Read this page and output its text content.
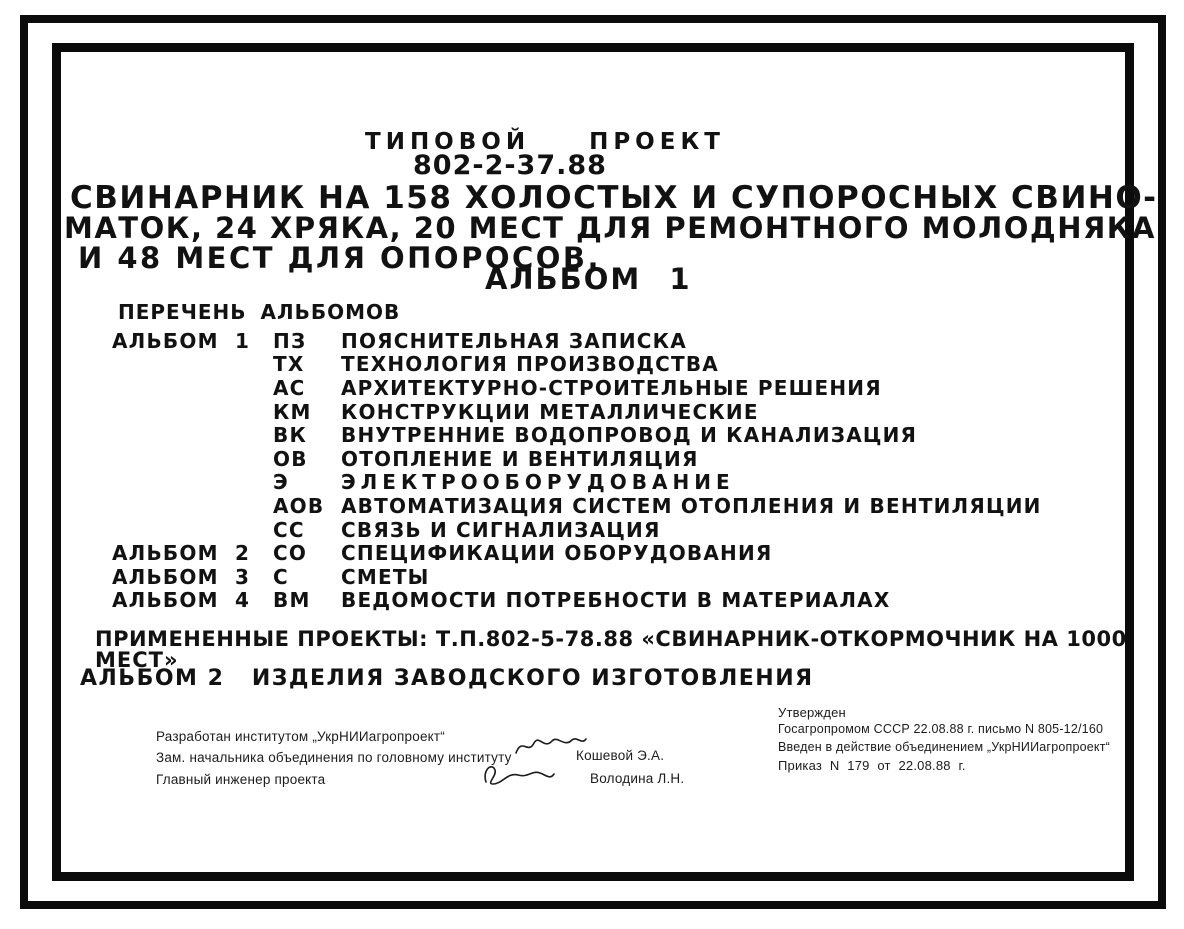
ТИПОВОЙ ПРОЕКТ
802-2-37.88
СВИНАРНИК НА 158 ХОЛОСТЫХ И СУПОРОСНЫХ СВИНО-
МАТОК, 24 ХРЯКА, 20 МЕСТ ДЛЯ РЕМОНТНОГО МОЛОДНЯКА
И 48 МЕСТ ДЛЯ ОПОРОСОВ.
АЛЬБОМ 1
ПЕРЕЧЕНЬ АЛЬБОМОВ
АЛЬБОМ  1	ПЗ	ПОЯСНИТЕЛЬНАЯ ЗАПИСКА
ТХ	ТЕХНОЛОГИЯ ПРОИЗВОДСТВА
АС	АРХИТЕКТУРНО-СТРОИТЕЛЬНЫЕ РЕШЕНИЯ
КМ	КОНСТРУКЦИИ МЕТАЛЛИЧЕСКИЕ
ВК	ВНУТРЕННИЕ ВОДОПРОВОД И КАНАЛИЗАЦИЯ
ОВ	ОТОПЛЕНИЕ И ВЕНТИЛЯЦИЯ
Э	ЭЛЕКТРООБОРУДОВАНИЕ
АОВ АВТОМАТИЗАЦИЯ СИСТЕМ ОТОПЛЕНИЯ И ВЕНТИЛЯЦИИ
СС	СВЯЗЬ И СИГНАЛИЗАЦИЯ
АЛЬБОМ  2	СО	СПЕЦИФИКАЦИИ ОБОРУДОВАНИЯ
АЛЬБОМ  3	С	СМЕТЫ
АЛЬБОМ  4	ВМ	ВЕДОМОСТИ ПОТРЕБНОСТИ В МАТЕРИАЛАХ
ПРИМЕНЕННЫЕ ПРОЕКТЫ: Т.П.802-5-78.88 «СВИНАРНИК-ОТКОРМОЧНИК НА 1000
МЕСТ»
АЛЬБОМ 2   ИЗДЕЛИЯ ЗАВОДСКОГО ИЗГОТОВЛЕНИЯ
Разработан институтом „УкрНИИагропроект“
Зам. начальника объединения по головному институту
Главный инженер проекта
Кошевой Э.А.
Володина Л.Н.
Утвержден
Госагропромом СССР 22.08.88 г. письмо N 805-12/160
Введен в действие объединением „УкрНИИагропроект“
Приказ N 179 от 22.08.88 г.
